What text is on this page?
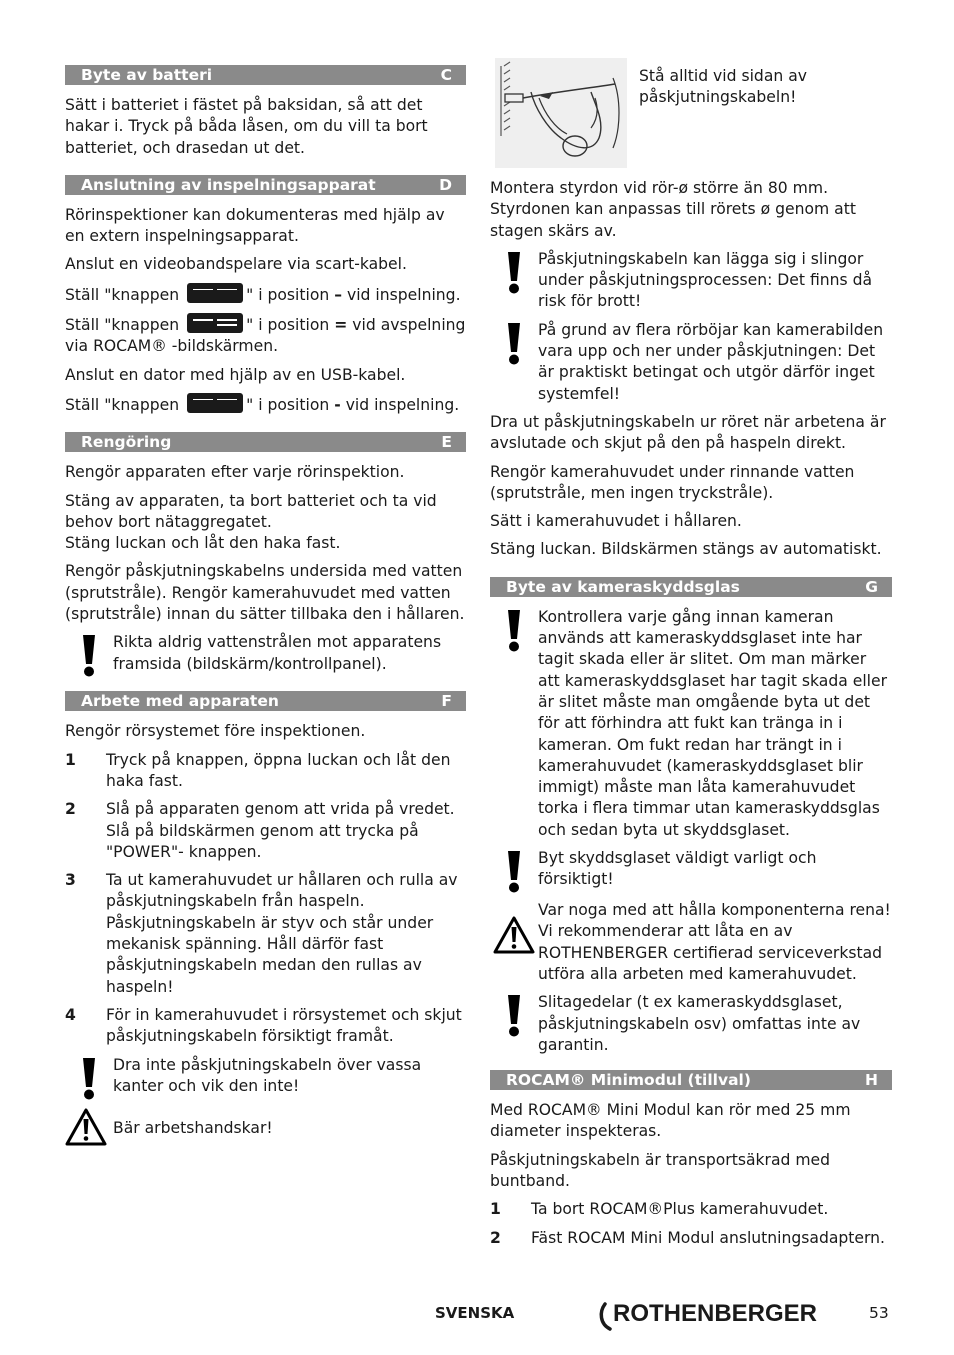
Byte av batteri	C

Sätt i batteriet i fästet på baksidan, så att det hakar i. Tryck på båda låsen, om du vill ta bort batteriet, och drasedan ut det.

Anslutning av inspelningsapparat	D

Rörinspektioner kan dokumenteras med hjälp av en extern inspelningsapparat.

Anslut en videobandspelare via scart-kabel.

Ställ "knappen	" i position – vid inspelning.

Ställ "knappen	" i position = vid avspelning via ROCAM® -bildskärmen.

Anslut en dator med hjälp av en USB-kabel.

Ställ "knappen	" i position - vid inspelning.

Rengöring	E

Rengör apparaten efter varje rörinspektion.

Stäng av apparaten, ta bort batteriet och ta vid behov bort nätaggregatet.

Stäng luckan och låt den haka fast.

Rengör påskjutningskabelns undersida med vatten (sprutstråle). Rengör kamerahuvudet med vatten (sprutstråle) innan du sätter tillbaka den i hållaren.

Rikta aldrig vattenstrålen mot apparatens framsida (bildskärm/kontrollpanel).

Arbete med apparaten	F

Rengör rörsystemet före inspektionen.

1	Tryck på knappen, öppna luckan och låt den haka fast.

2	Slå på apparaten genom att vrida på vredet. Slå på bildskärmen genom att trycka på "POWER"- knappen.

3	Ta ut kamerahuvudet ur hållaren och rulla av påskjutningskabeln från haspeln. Påskjutningskabeln är styv och står under mekanisk spänning. Håll därför fast påskjutningskabeln medan den rullas av haspeln!

4	För in kamerahuvudet i rörsystemet och skjut påskjutningskabeln försiktigt framåt.

Dra inte påskjutningskabeln över vassa kanter och vik den inte!

Bär arbetshandskar!

Stå alltid vid sidan av påskjutningskabeln!

Montera styrdon vid rör-ø större än 80 mm. Styrdonen kan anpassas till rörets ø genom att stagen skärs av.

Påskjutningskabeln kan lägga sig i slingor under påskjutningsprocessen: Det finns då risk för brott!

På grund av flera rörböjar kan kamerabilden vara upp och ner under påskjutningen: Det är praktiskt betingat och utgör därför inget systemfel!

Dra ut påskjutningskabeln ur röret när arbetena är avslutade och skjut på den på haspeln direkt.

Rengör kamerahuvudet under rinnande vatten (sprutstråle, men ingen tryckstråle).

Sätt i kamerahuvudet i hållaren.

Stäng luckan. Bildskärmen stängs av automatiskt.

Byte av kameraskyddsglas	G

Kontrollera varje gång innan kameran används att kameraskyddsglaset inte har tagit skada eller är slitet. Om man märker att kameraskyddsglaset har tagit skada eller är slitet måste man omgående byta ut det för att förhindra att fukt kan tränga in i kameran. Om fukt redan har trängt in i kamerahuvudet (kameraskyddsglaset blir immigt) måste man låta kamerahuvudet torka i flera timmar utan kameraskyddsglas och sedan byta ut skyddsglaset.

Byt skyddsglaset väldigt varligt och försiktigt!

Var noga med att hålla komponenterna rena! Vi rekommenderar att låta en av ROTHENBERGER certifierad serviceverkstad utföra alla arbeten med kamerahuvudet.

Slitagedelar (t ex kameraskyddsglaset, påskjutningskabeln osv) omfattas inte av garantin.

ROCAM® Minimodul (tillval)	H

Med ROCAM® Mini Modul kan rör med 25 mm diameter inspekteras.

Påskjutningskabeln är transportsäkrad med buntband.

1	Ta bort ROCAM®Plus kamerahuvudet.

2	Fäst ROCAM Mini Modul anslutningsadaptern.

SVENSKA	ROTHENBERGER	53
